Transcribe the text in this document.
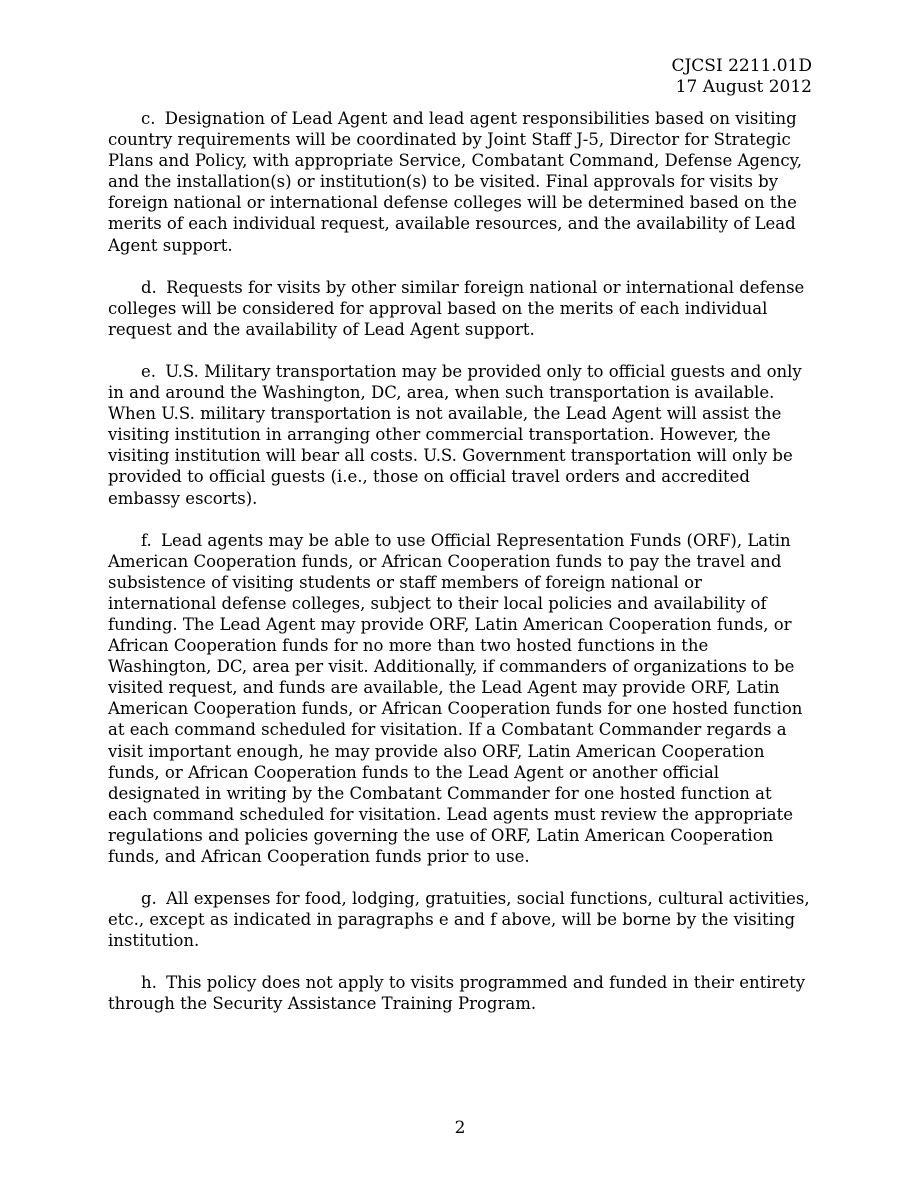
CJCSI 2211.01D
17 August 2012

c. Designation of Lead Agent and lead agent responsibilities based on visiting country requirements will be coordinated by Joint Staff J-5, Director for Strategic Plans and Policy, with appropriate Service, Combatant Command, Defense Agency, and the installation(s) or institution(s) to be visited. Final approvals for visits by foreign national or international defense colleges will be determined based on the merits of each individual request, available resources, and the availability of Lead Agent support.

d. Requests for visits by other similar foreign national or international defense colleges will be considered for approval based on the merits of each individual request and the availability of Lead Agent support.

e. U.S. Military transportation may be provided only to official guests and only in and around the Washington, DC, area, when such transportation is available. When U.S. military transportation is not available, the Lead Agent will assist the visiting institution in arranging other commercial transportation. However, the visiting institution will bear all costs. U.S. Government transportation will only be provided to official guests (i.e., those on official travel orders and accredited embassy escorts).

f. Lead agents may be able to use Official Representation Funds (ORF), Latin American Cooperation funds, or African Cooperation funds to pay the travel and subsistence of visiting students or staff members of foreign national or international defense colleges, subject to their local policies and availability of funding. The Lead Agent may provide ORF, Latin American Cooperation funds, or African Cooperation funds for no more than two hosted functions in the Washington, DC, area per visit. Additionally, if commanders of organizations to be visited request, and funds are available, the Lead Agent may provide ORF, Latin American Cooperation funds, or African Cooperation funds for one hosted function at each command scheduled for visitation. If a Combatant Commander regards a visit important enough, he may provide also ORF, Latin American Cooperation funds, or African Cooperation funds to the Lead Agent or another official designated in writing by the Combatant Commander for one hosted function at each command scheduled for visitation. Lead agents must review the appropriate regulations and policies governing the use of ORF, Latin American Cooperation funds, and African Cooperation funds prior to use.

g. All expenses for food, lodging, gratuities, social functions, cultural activities, etc., except as indicated in paragraphs e and f above, will be borne by the visiting institution.

h. This policy does not apply to visits programmed and funded in their entirety through the Security Assistance Training Program.

2
